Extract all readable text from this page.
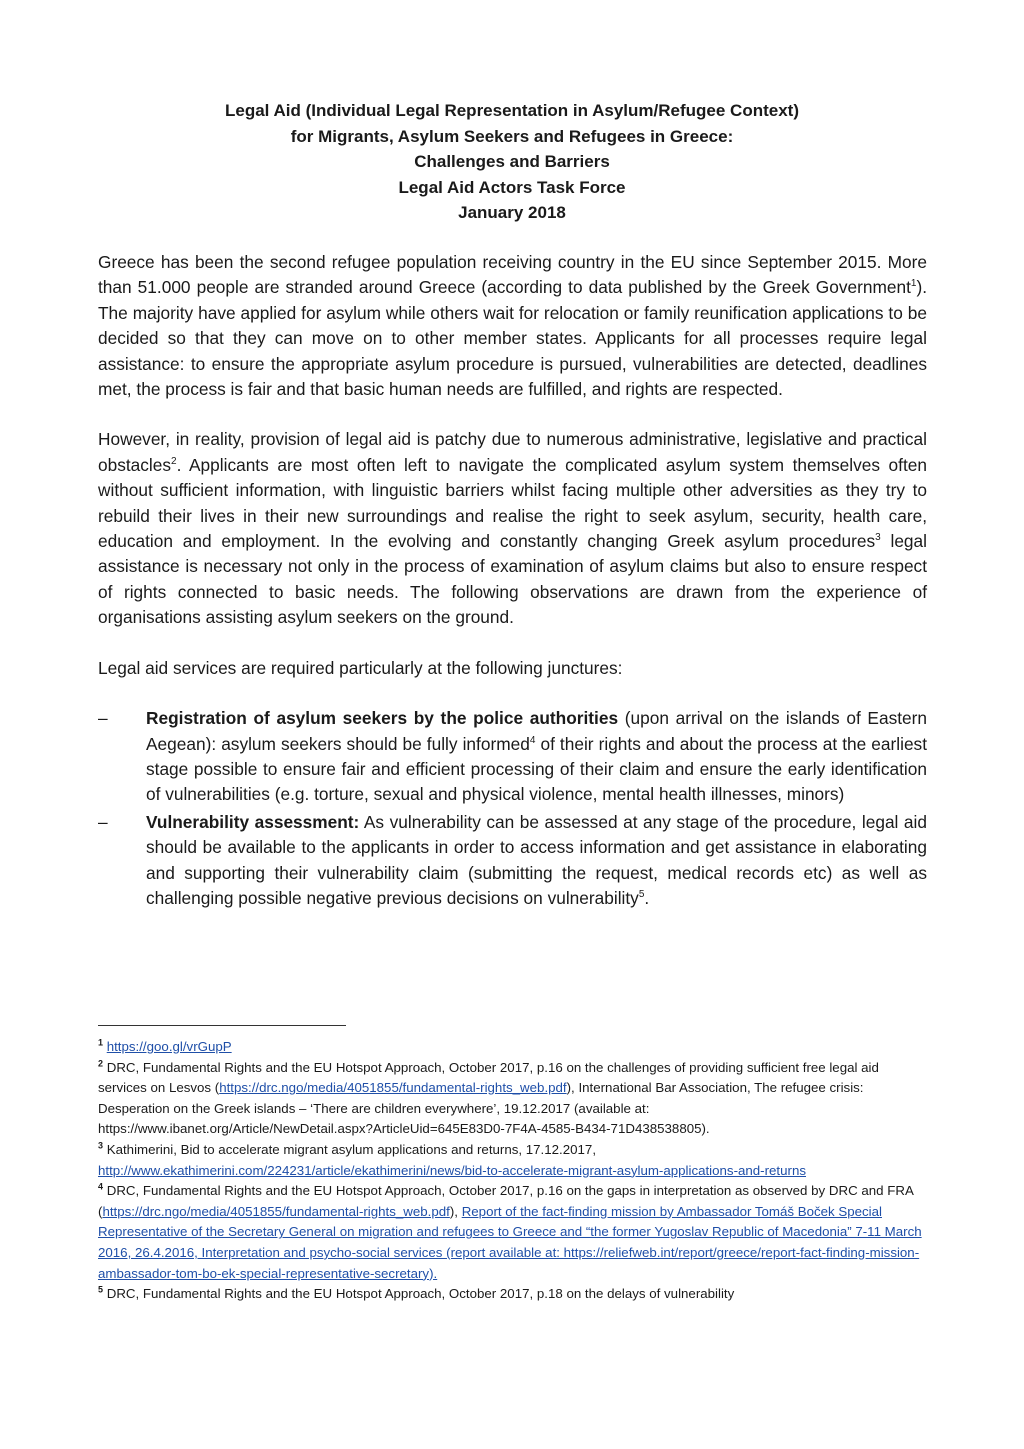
Legal Aid (Individual Legal Representation in Asylum/Refugee Context)
for Migrants, Asylum Seekers and Refugees in Greece:
Challenges and Barriers
Legal Aid Actors Task Force
January 2018

Greece has been the second refugee population receiving country in the EU since September 2015. More than 51.000 people are stranded around Greece (according to data published by the Greek Government$^1$). The majority have applied for asylum while others wait for relocation or family reunification applications to be decided so that they can move on to other member states. Applicants for all processes require legal assistance: to ensure the appropriate asylum procedure is pursued, vulnerabilities are detected, deadlines met, the process is fair and that basic human needs are fulfilled, and rights are respected.

However, in reality, provision of legal aid is patchy due to numerous administrative, legislative and practical obstacles$^2$. Applicants are most often left to navigate the complicated asylum system themselves often without sufficient information, with linguistic barriers whilst facing multiple other adversities as they try to rebuild their lives in their new surroundings and realise the right to seek asylum, security, health care, education and employment. In the evolving and constantly changing Greek asylum procedures$^3$ legal assistance is necessary not only in the process of examination of asylum claims but also to ensure respect of rights connected to basic needs. The following observations are drawn from the experience of organisations assisting asylum seekers on the ground.

Legal aid services are required particularly at the following junctures:

– Registration of asylum seekers by the police authorities (upon arrival on the islands of Eastern Aegean): asylum seekers should be fully informed$^4$ of their rights and about the process at the earliest stage possible to ensure fair and efficient processing of their claim and ensure the early identification of vulnerabilities (e.g. torture, sexual and physical violence, mental health illnesses, minors)
– Vulnerability assessment: As vulnerability can be assessed at any stage of the procedure, legal aid should be available to the applicants in order to access information and get assistance in elaborating and supporting their vulnerability claim (submitting the request, medical records etc) as well as challenging possible negative previous decisions on vulnerability$^5$.

$^1$ https://goo.gl/vrGupP

$^2$ DRC, Fundamental Rights and the EU Hotspot Approach, October 2017, p.16 on the challenges of providing sufficient free legal aid services on Lesvos (https://drc.ngo/media/4051855/fundamental-rights_web.pdf), International Bar Association, The refugee crisis: Desperation on the Greek islands – ‘There are children everywhere’, 19.12.2017 (available at: https://www.ibanet.org/Article/NewDetail.aspx?ArticleUid=645E83D0-7F4A-4585-B434-71D438538805).

$^3$ Kathimerini, Bid to accelerate migrant asylum applications and returns, 17.12.2017, http://www.ekathimerini.com/224231/article/ekathimerini/news/bid-to-accelerate-migrant-asylum-applications-and-returns

$^4$ DRC, Fundamental Rights and the EU Hotspot Approach, October 2017, p.16 on the gaps in interpretation as observed by DRC and FRA (https://drc.ngo/media/4051855/fundamental-rights_web.pdf), Report of the fact-finding mission by Ambassador Tomáš Boček Special Representative of the Secretary General on migration and refugees to Greece and “the former Yugoslav Republic of Macedonia” 7-11 March 2016, 26.4.2016, Interpretation and psycho-social services (report available at: https://reliefweb.int/report/greece/report-fact-finding-mission-ambassador-tom-bo-ek-special-representative-secretary).

$^5$ DRC, Fundamental Rights and the EU Hotspot Approach, October 2017, p.18 on the delays of vulnerability
